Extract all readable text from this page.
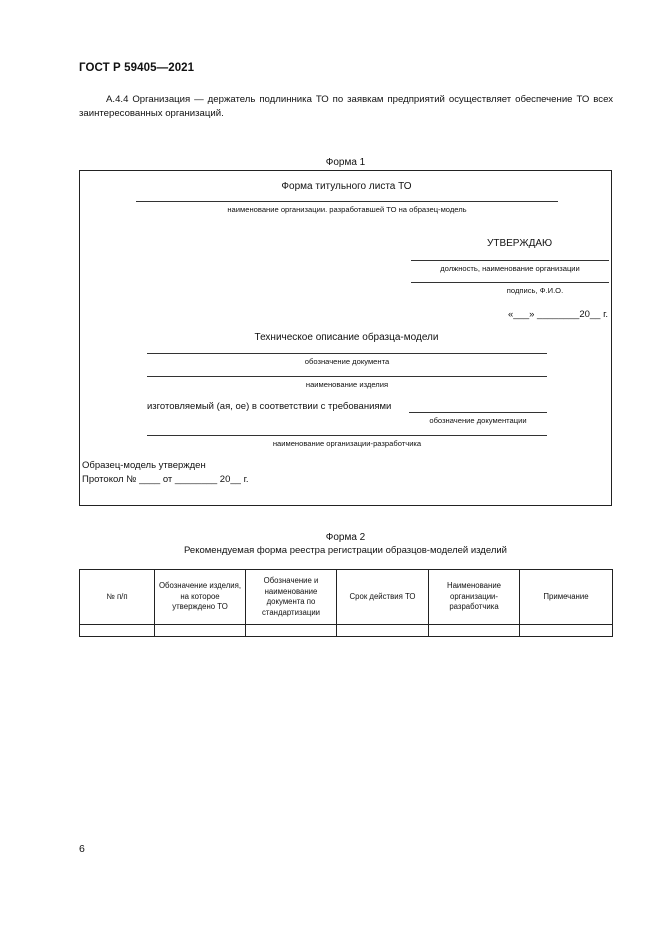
ГОСТ Р 59405—2021
А.4.4 Организация — держатель подлинника ТО по заявкам предприятий осуществляет обеспечение ТО всех заинтересованных организаций.
Форма 1
Форма титульного листа ТО
наименование организации. разработавшей ТО на образец-модель
УТВЕРЖДАЮ
должность, наименование организации
подпись, Ф.И.О.
«___» ________20__ г.
Техническое описание образца-модели
обозначение документа
наименование изделия
изготовляемый (ая, ое) в соответствии с требованиями
обозначение документации
наименование организации-разработчика
Образец-модель утвержден
Протокол № ____ от ________ 20__ г.
Форма 2
Рекомендуемая форма реестра регистрации образцов-моделей изделий
№ п/п	Обозначение изделия, на которое утверждено ТО	Обозначение и наименование документа по стандартизации	Срок действия ТО	Наименование организации-разработчика	Примечание

6
